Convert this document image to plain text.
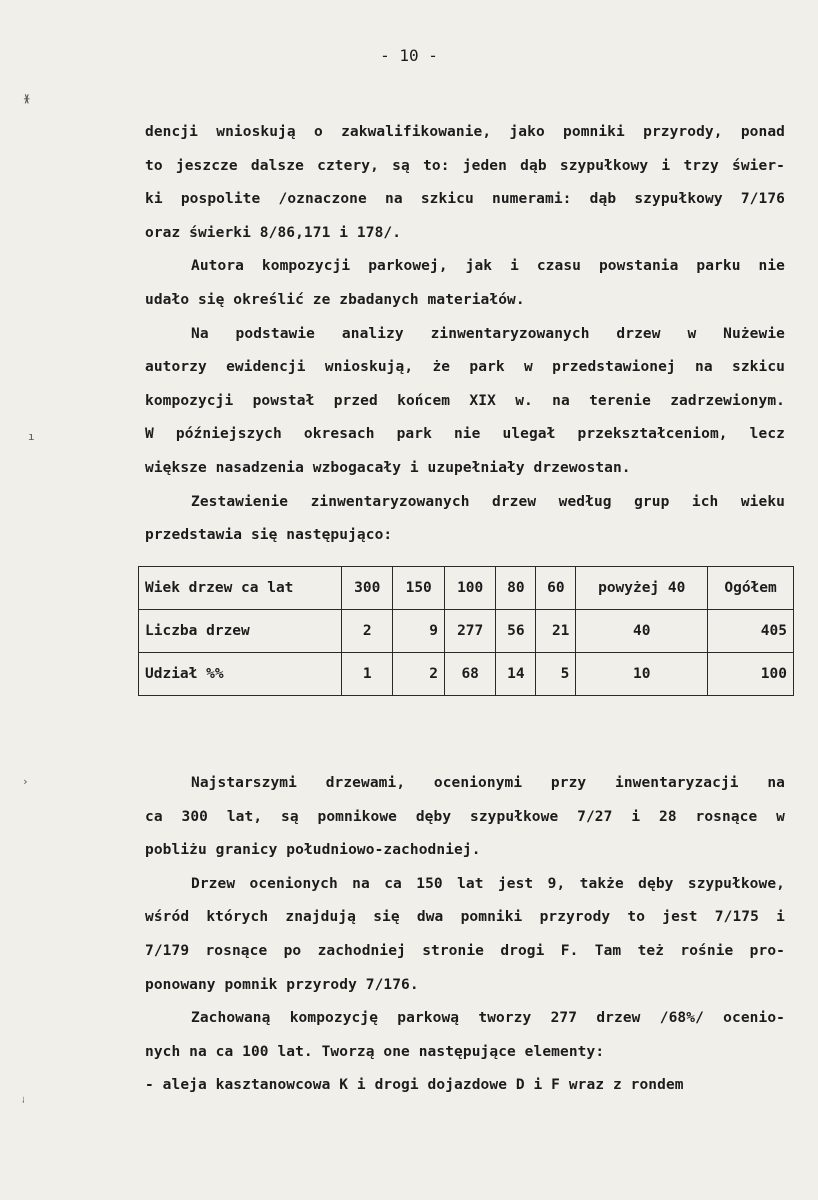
- 10 -
ᚕ
ı
›
ᛍ
dencji wnioskują o zakwalifikowanie, jako pomniki przyrody, ponad
to jeszcze dalsze cztery, są to: jeden dąb szypułkowy i trzy świer-
ki pospolite /oznaczone na szkicu numerami: dąb szypułkowy 7/176
oraz świerki 8/86,171 i 178/.
Autora kompozycji parkowej, jak i czasu powstania parku nie
udało się określić ze zbadanych materiałów.
Na podstawie analizy zinwentaryzowanych drzew w Nużewie
autorzy ewidencji wnioskują, że park w przedstawionej na szkicu
kompozycji powstał przed końcem XIX w. na terenie zadrzewionym.
W późniejszych okresach park nie ulegał przekształceniom, lecz
większe nasadzenia wzbogacały i uzupełniały drzewostan.
Zestawienie zinwentaryzowanych drzew według grup ich wieku
przedstawia się następująco:
Wiek drzew ca lat	300	150	100	80	60	powyżej 40	Ogółem
Liczba drzew	2	9	277	56	21	40	405
Udział %%	1	2	68	14	5	10	100
Najstarszymi drzewami, ocenionymi przy inwentaryzacji na
ca 300 lat, są pomnikowe dęby szypułkowe 7/27 i 28 rosnące w
pobliżu granicy południowo-zachodniej.
Drzew ocenionych na ca 150 lat jest 9, także dęby szypułkowe,
wśród których znajdują się dwa pomniki przyrody to jest 7/175 i
7/179 rosnące po zachodniej stronie drogi F. Tam też rośnie pro-
ponowany pomnik przyrody 7/176.
Zachowaną kompozycję parkową tworzy 277 drzew /68%/ ocenio-
nych na ca 100 lat. Tworzą one następujące elementy:
- aleja kasztanowcowa K i drogi dojazdowe D i F wraz z rondem
